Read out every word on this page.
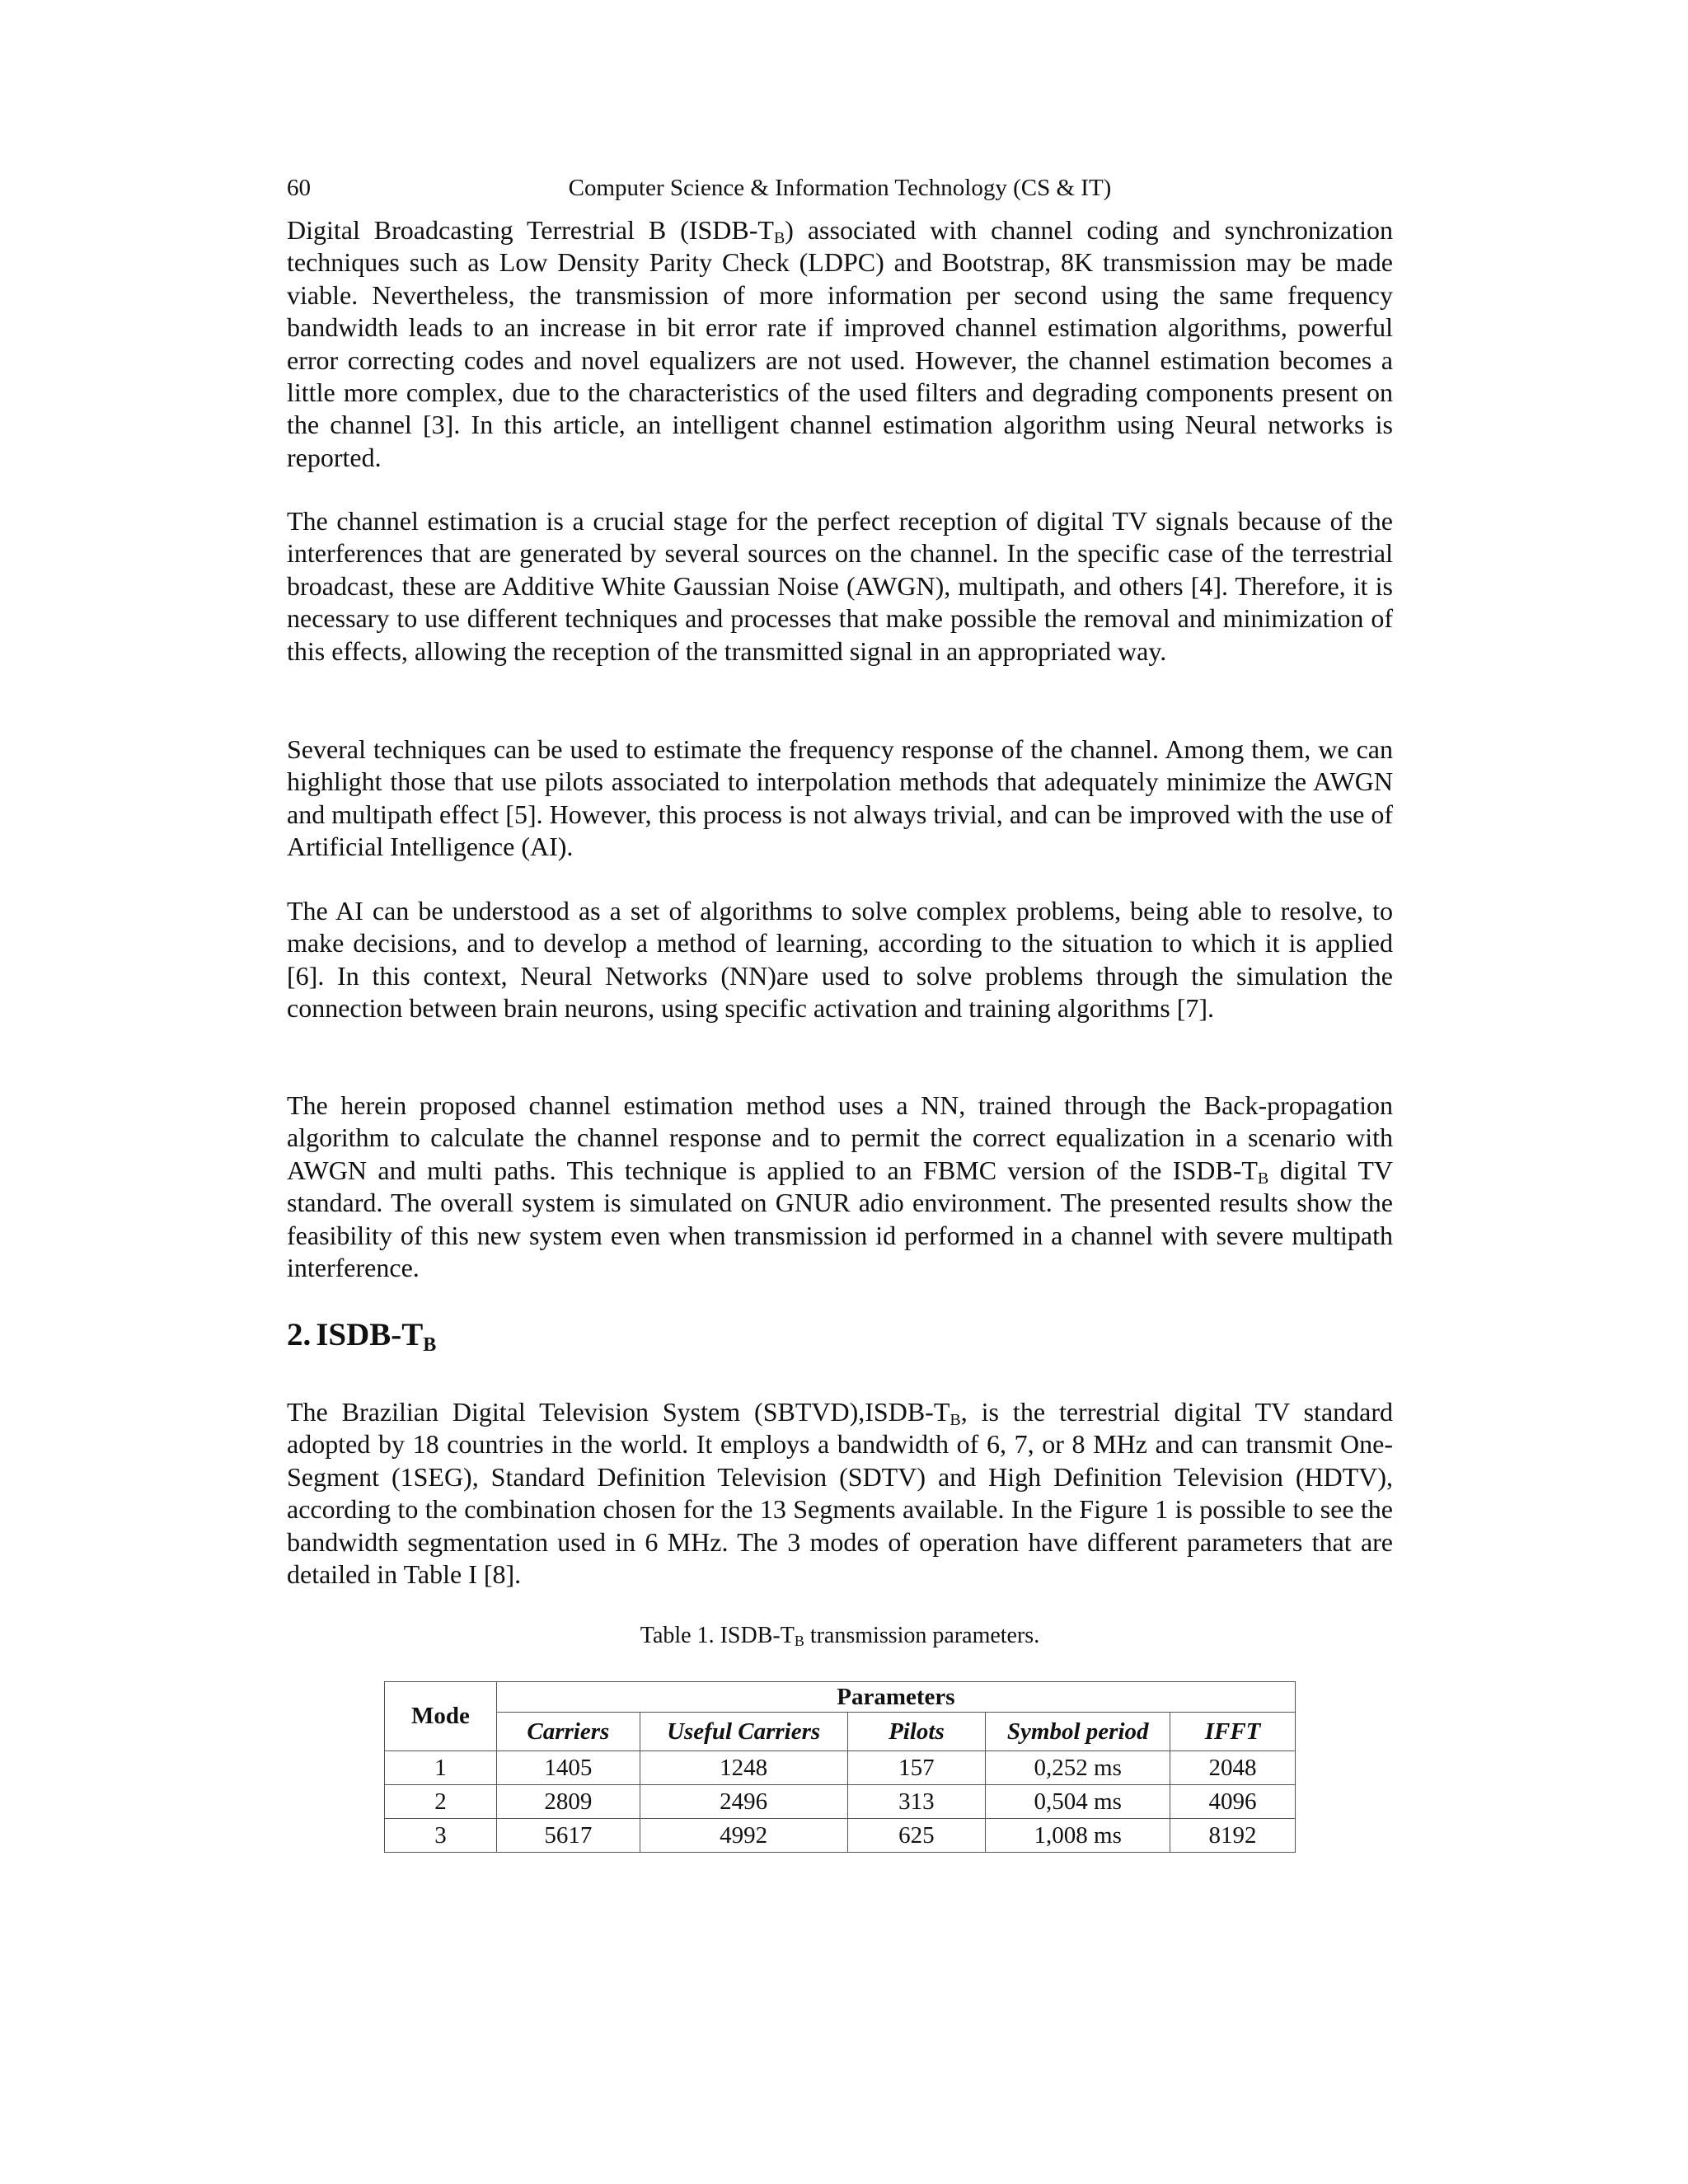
60	Computer Science & Information Technology (CS & IT)

Digital Broadcasting Terrestrial B $(ISDB-T_B)$ associated with channel coding and synchronization techniques such as Low Density Parity Check (LDPC) and Bootstrap, 8K transmission may be made viable. Nevertheless, the transmission of more information per second using the same frequency bandwidth leads to an increase in bit error rate if improved channel estimation algorithms, powerful error correcting codes and novel equalizers are not used. However, the channel estimation becomes a little more complex, due to the characteristics of the used filters and degrading components present on the channel [3]. In this article, an intelligent channel estimation algorithm using Neural networks is reported.

The channel estimation is a crucial stage for the perfect reception of digital TV signals because of the interferences that are generated by several sources on the channel. In the specific case of the terrestrial broadcast, these are Additive White Gaussian Noise (AWGN), multipath, and others [4]. Therefore, it is necessary to use different techniques and processes that make possible the removal and minimization of this effects, allowing the reception of the transmitted signal in an appropriated way.

Several techniques can be used to estimate the frequency response of the channel. Among them, we can highlight those that use pilots associated to interpolation methods that adequately minimize the AWGN and multipath effect [5]. However, this process is not always trivial, and can be improved with the use of Artificial Intelligence (AI).

The AI can be understood as a set of algorithms to solve complex problems, being able to resolve, to make decisions, and to develop a method of learning, according to the situation to which it is applied [6]. In this context, Neural Networks (NN)are used to solve problems through the simulation the connection between brain neurons, using specific activation and training algorithms [7].

The herein proposed channel estimation method uses a NN, trained through the Back-propagation algorithm to calculate the channel response and to permit the correct equalization in a scenario with AWGN and multi paths. This technique is applied to an FBMC version of the ISDB-$T_B$ digital TV standard. The overall system is simulated on GNUR adio environment. The presented results show the feasibility of this new system even when transmission id performed in a channel with severe multipath interference.

2. ISDB-$T_B$

The Brazilian Digital Television System $(SBTVD),ISDB-T_B$, is the terrestrial digital TV standard adopted by 18 countries in the world. It employs a bandwidth of 6, 7, or 8 MHz and can transmit One-Segment (1SEG), Standard Definition Television (SDTV) and High Definition Television (HDTV), according to the combination chosen for the 13 Segments available. In the Figure 1 is possible to see the bandwidth segmentation used in 6 MHz. The 3 modes of operation have different parameters that are detailed in Table I [8].

Table 1. ISDB-$T_B$ transmission parameters.

Mode	Parameters				
	Carriers	Useful Carriers	Pilots	Symbol period	IFFT
1	1405	1248	157	0,252 ms	2048
2	2809	2496	313	0,504 ms	4096
3	5617	4992	625	1,008 ms	8192
